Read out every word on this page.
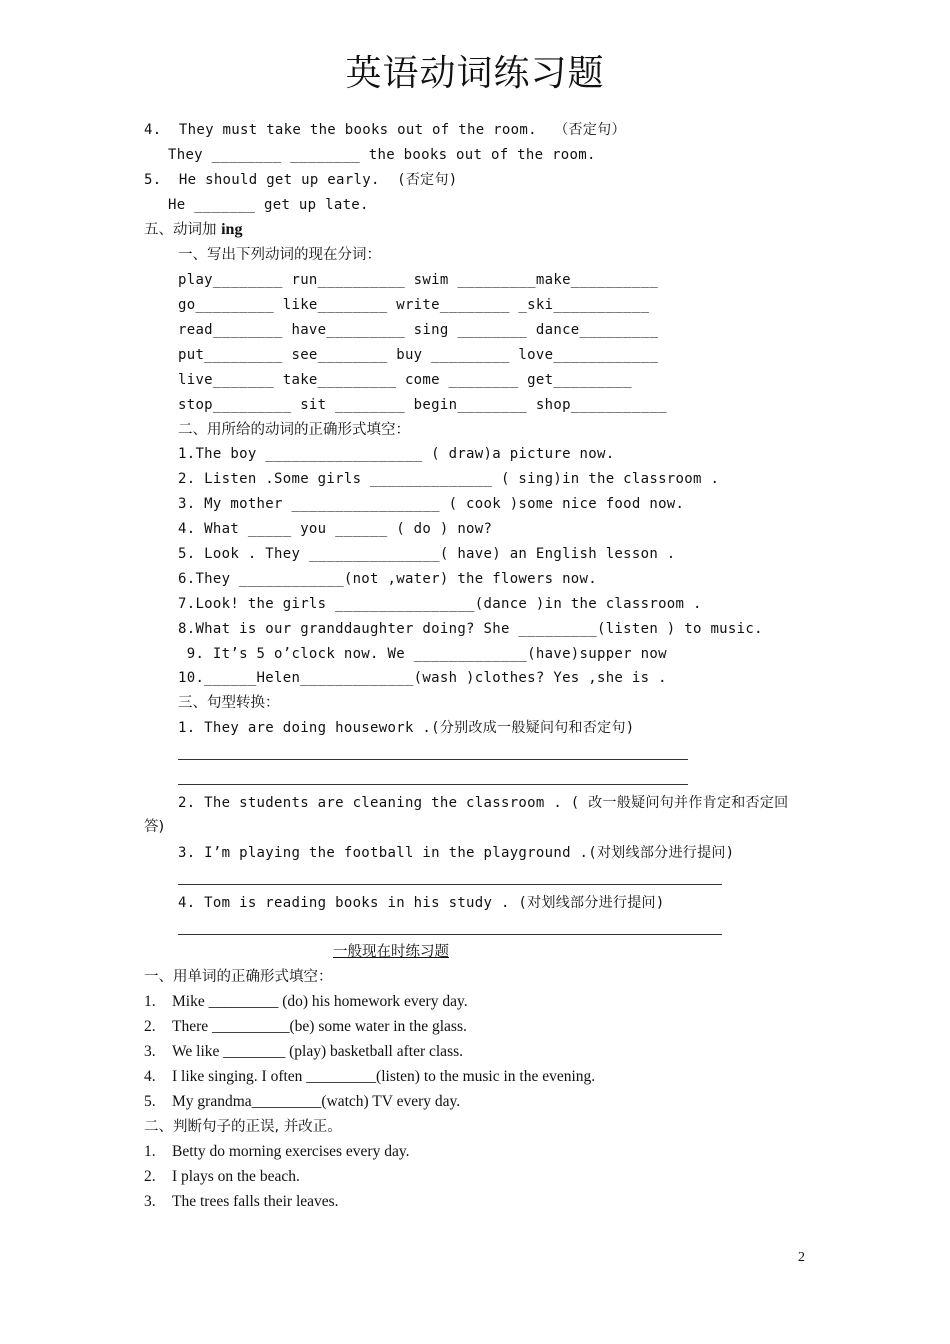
英语动词练习题
4.  They must take the books out of the room.  （否定句）
They ________ ________ the books out of the room.
5.  He should get up early.  (否定句)
He _______ get up late.
五、动词加 ing
一、写出下列动词的现在分词：
play________ run__________ swim _________make__________
go_________ like________ write________ _ski___________
read________ have_________ sing ________ dance_________
put_________ see________ buy _________ love____________
live_______ take_________ come ________ get_________
stop_________ sit ________ begin________ shop___________
二、用所给的动词的正确形式填空：
1.The boy __________________ ( draw)a picture now.
2. Listen .Some girls ______________ ( sing)in the classroom .
3. My mother _________________ ( cook )some nice food now.
4. What _____ you ______ ( do ) now?
5. Look . They _______________( have) an English lesson .
6.They ____________(not ,water) the flowers now.
7.Look! the girls ________________(dance )in the classroom .
8.What is our granddaughter doing? She _________(listen ) to music.
9. It’s 5 o’clock now. We _____________(have)supper now
10.______Helen_____________(wash )clothes? Yes ,she is .
三、句型转换：
1. They are doing housework .(分别改成一般疑问句和否定句)
2. The students are cleaning the classroom . ( 改一般疑问句并作肯定和否定回
答)
3. I’m playing the football in the playground .(对划线部分进行提问)
4. Tom is reading books in his study . (对划线部分进行提问)
一般现在时练习题
一、用单词的正确形式填空：
1. Mike _________ (do) his homework every day.
2. There __________(be) some water in the glass.
3. We like ________ (play) basketball after class.
4. I like singing. I often _________(listen) to the music in the evening.
5. My grandma_________(watch) TV every day.
二、判断句子的正误, 并改正。
1. Betty do morning exercises every day.
2. I plays on the beach.
3. The trees falls their leaves.
2
